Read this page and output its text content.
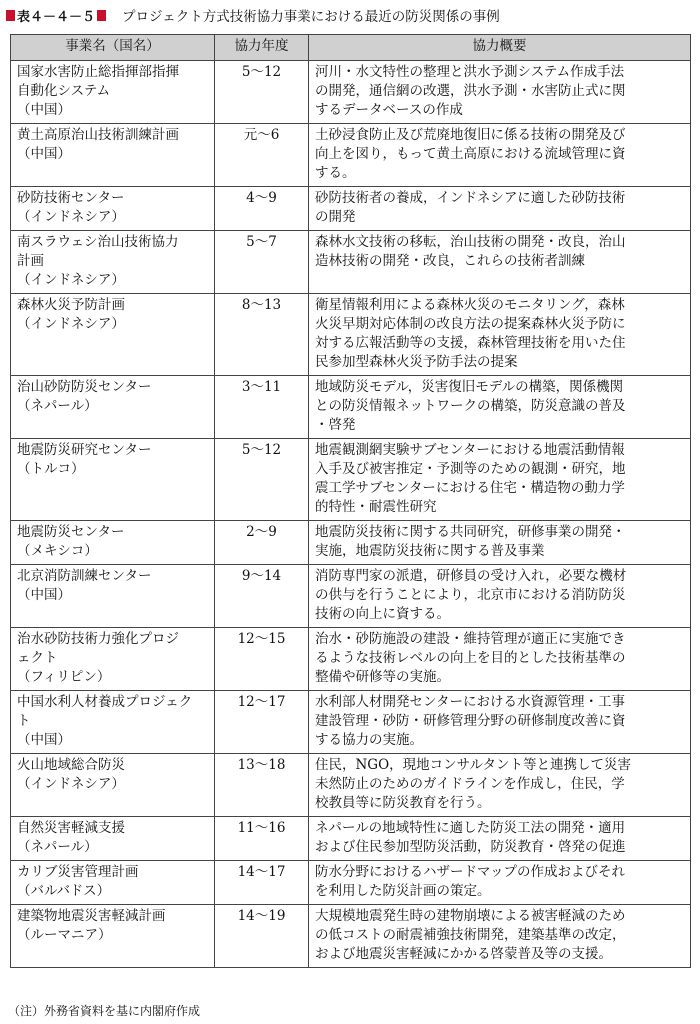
表４－４－５ プロジェクト方式技術協力事業における最近の防災関係の事例
事業名（国名）	協力年度	協力概要

国家水害防止総指揮部指揮
自動化システム
（中国）	5～12	河川・水文特性の整理と洪水予測システム作成手法
の開発，通信網の改選，洪水予測・水害防止式に関
するデータベースの作成

黄土高原治山技術訓練計画
（中国）	元～6	土砂浸食防止及び荒廃地復旧に係る技術の開発及び
向上を図り，もって黄土高原における流域管理に資
する。

砂防技術センター
（インドネシア）	4～9	砂防技術者の養成，インドネシアに適した砂防技術
の開発

南スラウェシ治山技術協力
計画
（インドネシア）	5～7	森林水文技術の移転，治山技術の開発・改良，治山
造林技術の開発・改良，これらの技術者訓練

森林火災予防計画
（インドネシア）	8～13	衛星情報利用による森林火災のモニタリング，森林
火災早期対応体制の改良方法の提案森林火災予防に
対する広報活動等の支援，森林管理技術を用いた住
民参加型森林火災予防手法の提案

治山砂防防災センター
（ネパール）	3～11	地域防災モデル，災害復旧モデルの構築，関係機関
との防災情報ネットワークの構築，防災意識の普及
・啓発

地震防災研究センター
（トルコ）	5～12	地震観測網実験サブセンターにおける地震活動情報
入手及び被害推定・予測等のための観測・研究，地
震工学サブセンターにおける住宅・構造物の動力学
的特性・耐震性研究

地震防災センター
（メキシコ）	2～9	地震防災技術に関する共同研究，研修事業の開発・
実施，地震防災技術に関する普及事業

北京消防訓練センター
（中国）	9～14	消防専門家の派遣，研修員の受け入れ，必要な機材
の供与を行うことにより，北京市における消防防災
技術の向上に資する。

治水砂防技術力強化プロジ
ェクト
（フィリピン）	12～15	治水・砂防施設の建設・維持管理が適正に実施でき
るような技術レベルの向上を目的とした技術基準の
整備や研修等の実施。

中国水利人材養成プロジェク
ト
（中国）	12～17	水利部人材開発センターにおける水資源管理・工事
建設管理・砂防・研修管理分野の研修制度改善に資
する協力の実施。

火山地域総合防災
（インドネシア）	13～18	住民，NGO，現地コンサルタント等と連携して災害
未然防止のためのガイドラインを作成し，住民，学
校教員等に防災教育を行う。

自然災害軽減支援
（ネパール）	11～16	ネパールの地域特性に適した防災工法の開発・適用
および住民参加型防災活動，防災教育・啓発の促進

カリブ災害管理計画
（バルバドス）	14～17	防水分野におけるハザードマップの作成およびそれ
を利用した防災計画の策定。

建築物地震災害軽減計画
（ルーマニア）	14～19	大規模地震発生時の建物崩壊による被害軽減のため
の低コストの耐震補強技術開発，建築基準の改定，
および地震災害軽減にかかる啓蒙普及等の支援。
（注）外務省資料を基に内閣府作成
